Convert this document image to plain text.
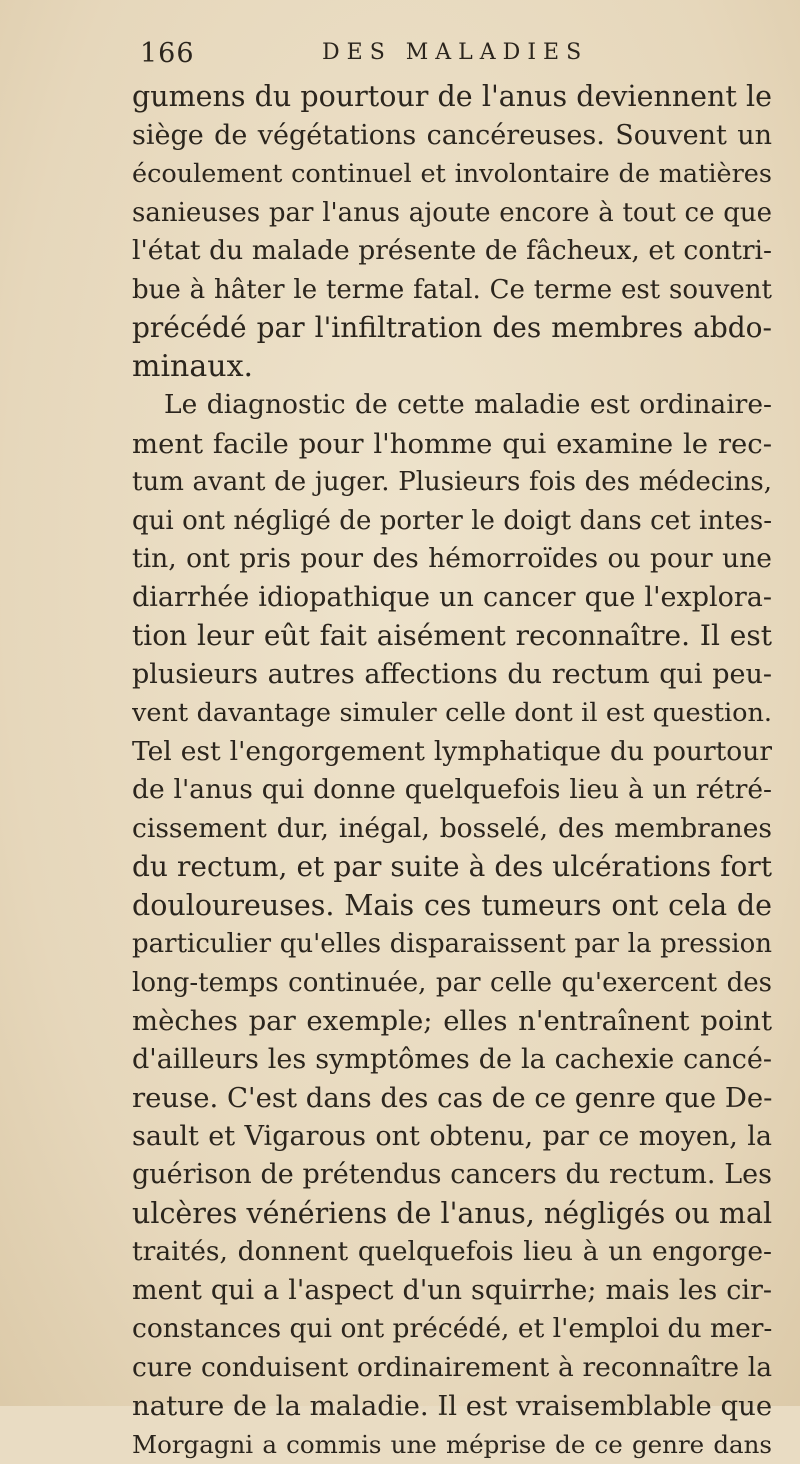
166	DES MALADIES
gumens du pourtour de l'anus deviennent le
siège de végétations cancéreuses. Souvent un
écoulement continuel et involontaire de matières
sanieuses par l'anus ajoute encore à tout ce que
l'état du malade présente de fâcheux, et contri-
bue à hâter le terme fatal. Ce terme est souvent
précédé par l'infiltration des membres abdo-
minaux.
Le diagnostic de cette maladie est ordinaire-
ment facile pour l'homme qui examine le rec-
tum avant de juger. Plusieurs fois des médecins,
qui ont négligé de porter le doigt dans cet intes-
tin, ont pris pour des hémorroïdes ou pour une
diarrhée idiopathique un cancer que l'explora-
tion leur eût fait aisément reconnaître. Il est
plusieurs autres affections du rectum qui peu-
vent davantage simuler celle dont il est question.
Tel est l'engorgement lymphatique du pourtour
de l'anus qui donne quelquefois lieu à un rétré-
cissement dur, inégal, bosselé, des membranes
du rectum, et par suite à des ulcérations fort
douloureuses. Mais ces tumeurs ont cela de
particulier qu'elles disparaissent par la pression
long-temps continuée, par celle qu'exercent des
mèches par exemple; elles n'entraînent point
d'ailleurs les symptômes de la cachexie cancé-
reuse. C'est dans des cas de ce genre que De-
sault et Vigarous ont obtenu, par ce moyen, la
guérison de prétendus cancers du rectum. Les
ulcères vénériens de l'anus, négligés ou mal
traités, donnent quelquefois lieu à un engorge-
ment qui a l'aspect d'un squirrhe; mais les cir-
constances qui ont précédé, et l'emploi du mer-
cure conduisent ordinairement à reconnaître la
nature de la maladie. Il est vraisemblable que
Morgagni a commis une méprise de ce genre dans
